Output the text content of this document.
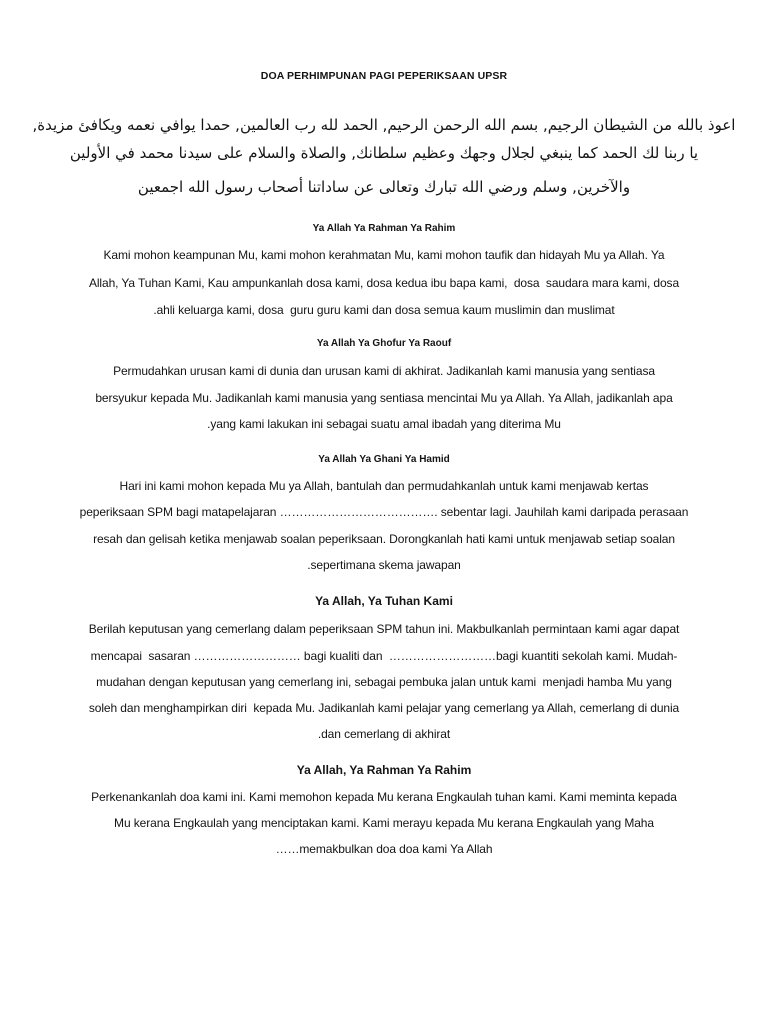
DOA PERHIMPUNAN PAGI PEPERIKSAAN UPSR
اعوذ بالله من الشيطان الرجيم, بسم الله الرحمن الرحيم, الحمد لله رب العالمين, حمدا يوافي نعمه ويكافئ مزيدة,
يا ربنا لك الحمد كما ينبغي لجلال وجهك وعظيم سلطانك, والصلاة والسلام على سيدنا محمد في الأولين
والآخرين, وسلم ورضي الله تبارك وتعالى عن ساداتنا أصحاب رسول الله اجمعين
Ya Allah Ya Rahman Ya Rahim
Kami mohon keampunan Mu, kami mohon kerahmatan Mu, kami mohon taufik dan hidayah Mu ya Allah. Ya
Allah, Ya Tuhan Kami, Kau ampunkanlah dosa kami, dosa kedua ibu bapa kami,  dosa  saudara mara kami, dosa
.ahli keluarga kami, dosa  guru guru kami dan dosa semua kaum muslimin dan muslimat
Ya Allah Ya Ghofur Ya Raouf
Permudahkan urusan kami di dunia dan urusan kami di akhirat. Jadikanlah kami manusia yang sentiasa
bersyukur kepada Mu. Jadikanlah kami manusia yang sentiasa mencintai Mu ya Allah. Ya Allah, jadikanlah apa
.yang kami lakukan ini sebagai suatu amal ibadah yang diterima Mu
Ya Allah Ya Ghani Ya Hamid
Hari ini kami mohon kepada Mu ya Allah, bantulah dan permudahkanlah untuk kami menjawab kertas
peperiksaan SPM bagi matapelajaran …………………………………. sebentar lagi. Jauhilah kami daripada perasaan
resah dan gelisah ketika menjawab soalan peperiksaan. Dorongkanlah hati kami untuk menjawab setiap soalan
.sepertimana skema jawapan
Ya Allah, Ya Tuhan Kami
Berilah keputusan yang cemerlang dalam peperiksaan SPM tahun ini. Makbulkanlah permintaan kami agar dapat
mencapai  sasaran ……………………… bagi kualiti dan  ………………………bagi kuantiti sekolah kami. Mudah-
mudahan dengan keputusan yang cemerlang ini, sebagai pembuka jalan untuk kami  menjadi hamba Mu yang
soleh dan menghampirkan diri  kepada Mu. Jadikanlah kami pelajar yang cemerlang ya Allah, cemerlang di dunia
.dan cemerlang di akhirat
Ya Allah, Ya Rahman Ya Rahim
Perkenankanlah doa kami ini. Kami memohon kepada Mu kerana Engkaulah tuhan kami. Kami meminta kepada
Mu kerana Engkaulah yang menciptakan kami. Kami merayu kepada Mu kerana Engkaulah yang Maha
……memakbulkan doa doa kami Ya Allah
